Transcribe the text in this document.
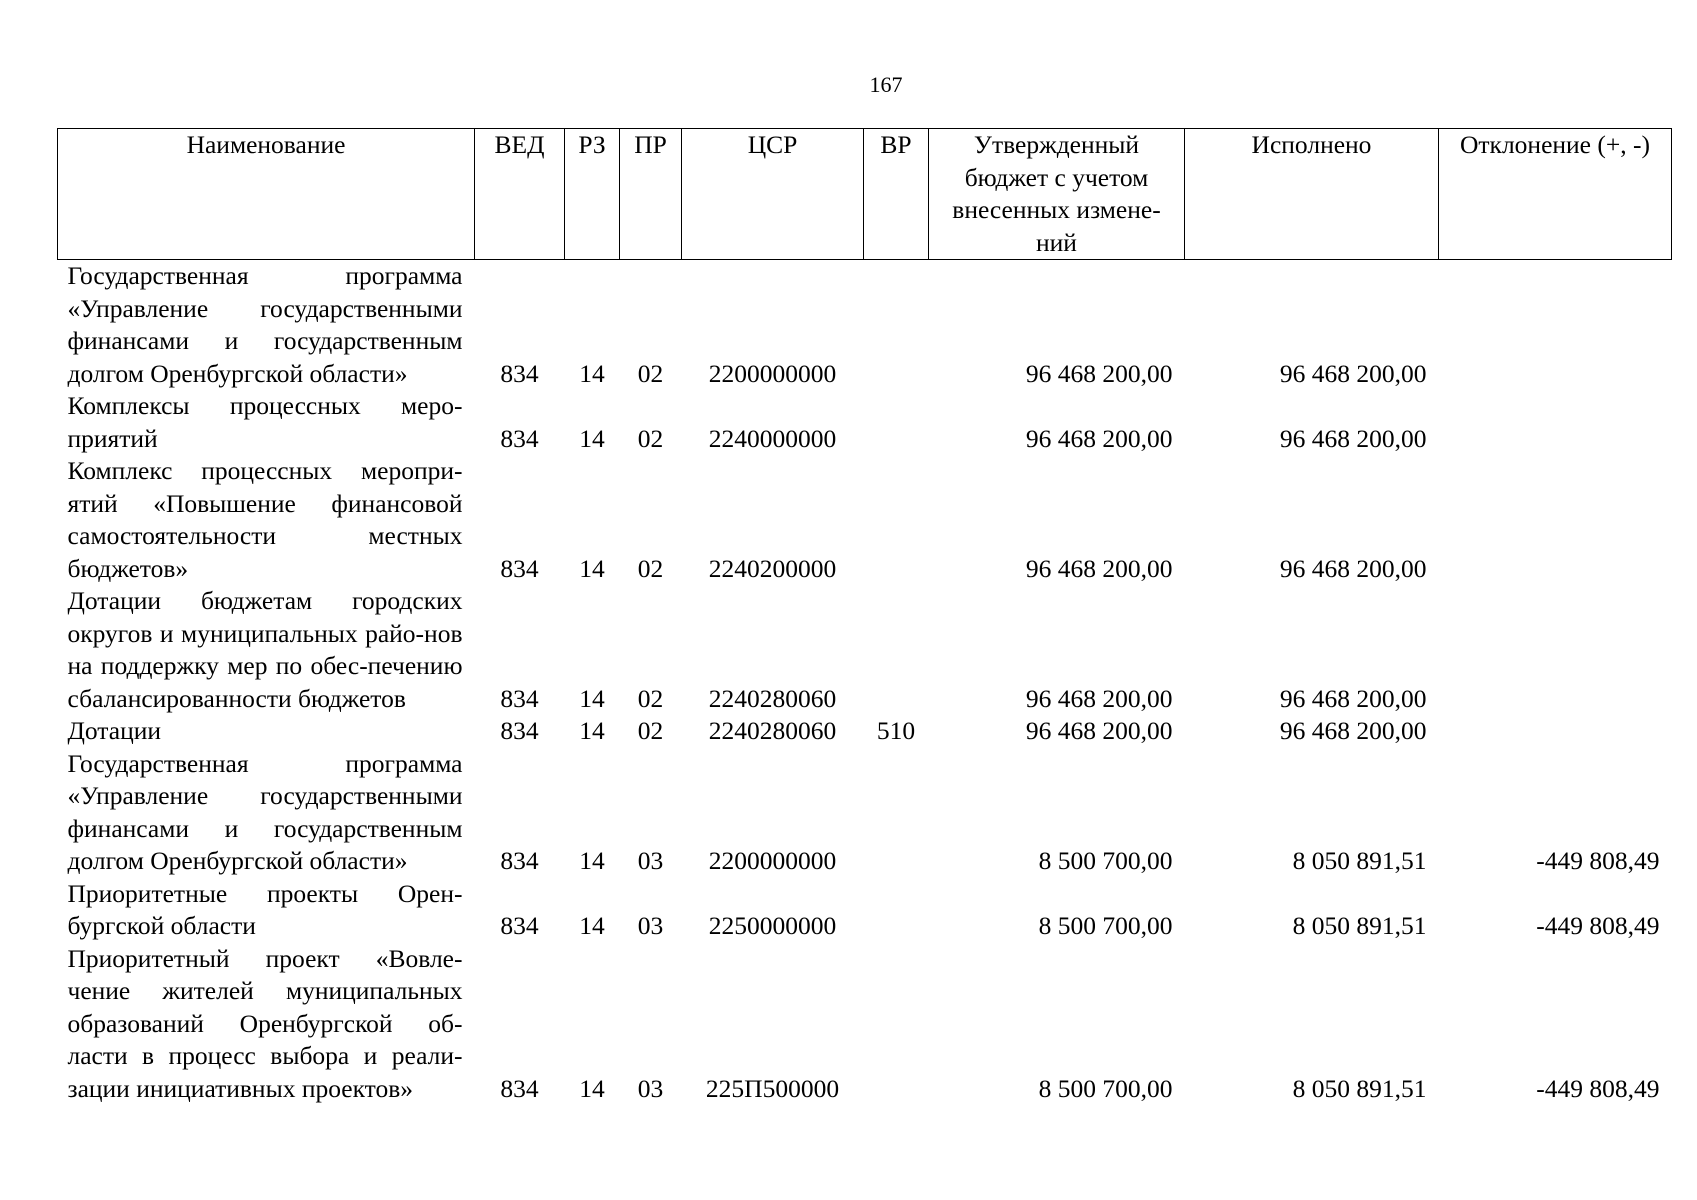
167
Наименование	ВЕД	РЗ	ПР	ЦСР	ВР	Утвержденный бюджет с учетом внесенных измене-ний	Исполнено	Отклонение (+, -)
Государственная программа «Управление государственными финансами и государственным долгом Оренбургской области»	834	14	02	2200000000		96 468 200,00	96 468 200,00	
Комплексы процессных меро-приятий	834	14	02	2240000000		96 468 200,00	96 468 200,00	
Комплекс процессных меропри-ятий «Повышение финансовой самостоятельности местных бюджетов»	834	14	02	2240200000		96 468 200,00	96 468 200,00	
Дотации бюджетам городских округов и муниципальных райо-нов на поддержку мер по обес-печению сбалансированности бюджетов	834	14	02	2240280060		96 468 200,00	96 468 200,00	
Дотации	834	14	02	2240280060	510	96 468 200,00	96 468 200,00	
Государственная программа «Управление государственными финансами и государственным долгом Оренбургской области»	834	14	03	2200000000		8 500 700,00	8 050 891,51	-449 808,49
Приоритетные проекты Орен-бургской области	834	14	03	2250000000		8 500 700,00	8 050 891,51	-449 808,49
Приоритетный проект «Вовле-чение жителей муниципальных образований Оренбургской об-ласти в процесс выбора и реали-зации инициативных проектов»	834	14	03	225П500000		8 500 700,00	8 050 891,51	-449 808,49
